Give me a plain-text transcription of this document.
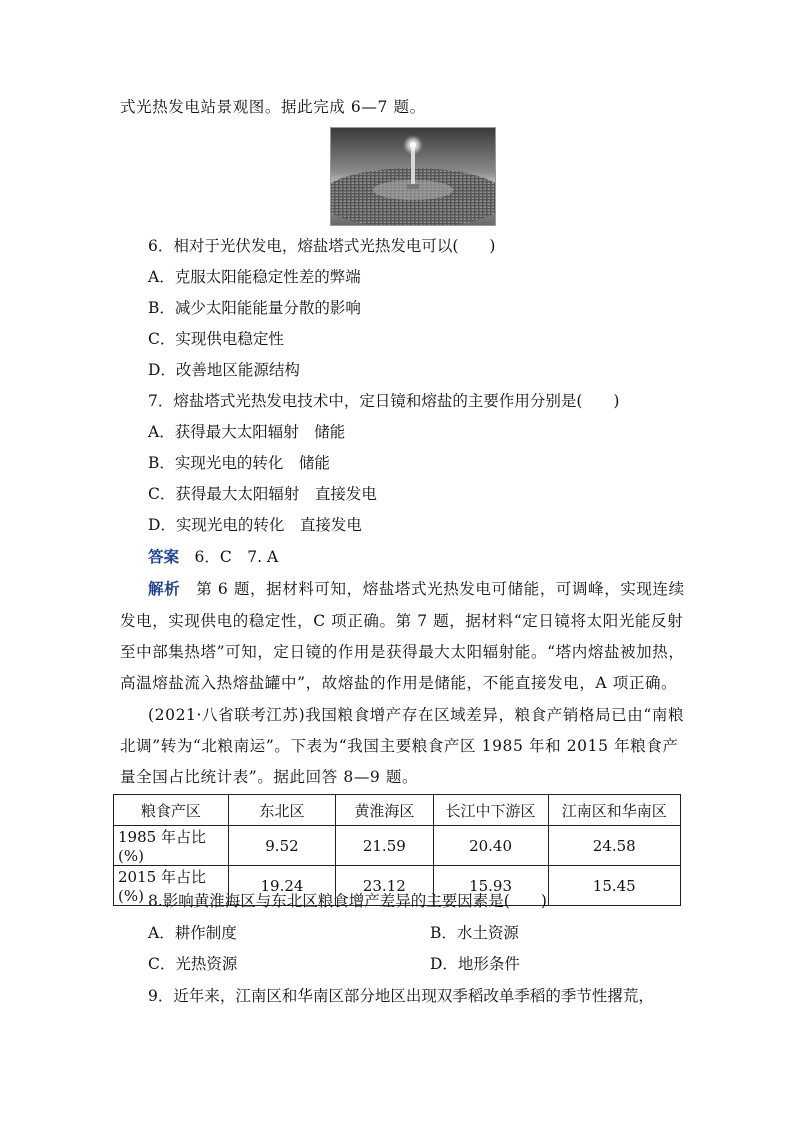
式光热发电站景观图。据此完成 6—7 题。
6．相对于光伏发电，熔盐塔式光热发电可以(　　)
A．克服太阳能稳定性差的弊端
B．减少太阳能能量分散的影响
C．实现供电稳定性
D．改善地区能源结构
7．熔盐塔式光热发电技术中，定日镜和熔盐的主要作用分别是(　　)
A．获得最大太阳辐射　储能
B．实现光电的转化　储能
C．获得最大太阳辐射　直接发电
D．实现光电的转化　直接发电
答案　6．C　7. A
解析　第 6 题，据材料可知，熔盐塔式光热发电可储能，可调峰，实现连续
发电，实现供电的稳定性，C 项正确。第 7 题，据材料“定日镜将太阳光能反射
至中部集热塔”可知，定日镜的作用是获得最大太阳辐射能。“塔内熔盐被加热，
高温熔盐流入热熔盐罐中”，故熔盐的作用是储能，不能直接发电，A 项正确。
(2021·八省联考江苏)我国粮食增产存在区域差异，粮食产销格局已由“南粮
北调”转为“北粮南运”。下表为“我国主要粮食产区 1985 年和 2015 年粮食产
量全国占比统计表”。据此回答 8—9 题。
粮食产区	东北区	黄淮海区	长江中下游区	江南区和华南区
1985 年占比(%)	9.52	21.59	20.40	24.58
2015 年占比(%)	19.24	23.12	15.93	15.45
8.影响黄淮海区与东北区粮食增产差异的主要因素是(　　)
A．耕作制度	B．水土资源
C．光热资源	D．地形条件
9．近年来，江南区和华南区部分地区出现双季稻改单季稻的季节性撂荒，
